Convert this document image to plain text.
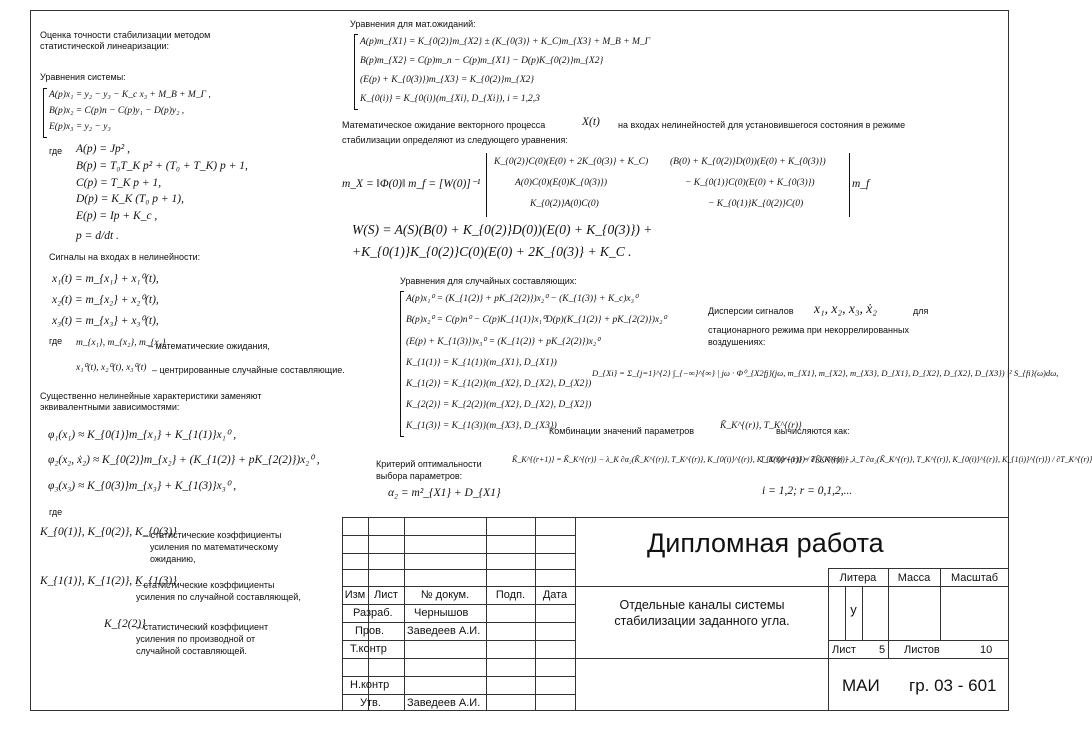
Оценка точности стабилизации методом
статистической линеаризации:
Уравнения системы:
A(p)x₁ = y₂ − y₃ − K_c x₃ + M_B + M_Г ,
B(p)x₂ = C(p)n − C(p)y₁ − D(p)y₂ ,
E(p)x₃ = y₂ − y₃
где A(p) = Jp² ,
B(p) = T₀T_K p² + (T₀ + T_K) p + 1,
C(p) = T_K p + 1,
D(p) = K_K (T₀ p + 1),
E(p) = Ip + K_c ,
p = d/dt .
Сигналы на входах в нелинейности:
x₁(t) = m_{x₁} + x₁⁰(t),
x₂(t) = m_{x₂} + x₂⁰(t),
x₃(t) = m_{x₃} + x₃⁰(t),
где m_{x₁}, m_{x₂}, m_{x₃}
– математические ожидания,
x₁⁰(t), x₂⁰(t), x₃⁰(t) – центрированные случайные составляющие.
Существенно нелинейные характеристики заменяют
эквивалентными зависимостями:
φ₁(x₁) ≈ K_{0(1)}m_{x₁} + K_{1(1)}x₁⁰ ,
φ₂(x₂, ẋ₂) ≈ K_{0(2)}m_{x₂} + (K_{1(2)} + pK_{2(2)})x₂⁰ ,
φ₃(x₃) ≈ K_{0(3)}m_{x₃} + K_{1(3)}x₃⁰ ,
где
K_{0(1)}, K_{0(2)}, K_{0(3)}
– статистические коэффициенты
усиления по математическому
ожиданию,
K_{1(1)}, K_{1(2)}, K_{1(3)}
– статистические коэффициенты
усиления по случайной составляющей,
K_{2(2)}
– статистический коэффициент
усиления по производной от
случайной составляющей.
Уравнения для мат.ожиданий:
A(p)m_{X1} = K_{0(2)}m_{X2} ± (K_{0(3)} + K_C)m_{X3} + M_B + M_Г
B(p)m_{X2} = C(p)m_n − C(p)m_{X1} − D(p)K_{0(2)}m_{X2}
(E(p) + K_{0(3)})m_{X3} = K_{0(2)}m_{X2}
K_{0(i)} = K_{0(i)}(m_{Xi}, D_{Xi}), i = 1,2,3
Математическое ожидание векторного процесса	X(t) на входах нелинейностей для установившегося состояния в режиме
стабилизации определяют из следующего уравнения:
m_X = ‖Φ(0)‖ m_f = [W(0)]⁻¹
K_{0(2)}C(0)(E(0) + 2K_{0(3)} + K_C)
A(0)C(0)(E(0)K_{0(3)})
K_{0(2)}A(0)C(0)
(B(0) + K_{0(2)}D(0))(E(0) + K_{0(3)})
− K_{0(1)}C(0)(E(0) + K_{0(3)})
− K_{0(1)}K_{0(2)}C(0)
m_f
W(S) = A(S)(B(0) + K_{0(2)}D(0))(E(0) + K_{0(3)}) +
+K_{0(1)}K_{0(2)}C(0)(E(0) + 2K_{0(3)} + K_C .
Уравнения для случайных составляющих:
A(p)x₁⁰ = (K_{1(2)} + pK_{2(2)})x₂⁰ − (K_{1(3)} + K_c)x₃⁰
B(p)x₂⁰ = C(p)n⁰ − C(p)K_{1(1)}x₁⁰D(p)(K_{1(2)} + pK_{2(2)})x₂⁰
(E(p) + K_{1(3)})x₃⁰ = (K_{1(2)} + pK_{2(2)})x₂⁰
K_{1(1)} = K_{1(1)}(m_{X1}, D_{X1})
K_{1(2)} = K_{1(2)}(m_{X2}, D_{X2}, D_{X2})
K_{2(2)} = K_{2(2)}(m_{X2}, D_{X2}, D_{X2})
K_{1(3)} = K_{1(3)}(m_{X3}, D_{X3})
Дисперсии сигналов x₁, x₂, x₃, ẋ₂	для
стационарного режима при некоррелированных
воздушениях:
D_{Xi} = Σ_{j=1}^{2} ∫_{−∞}^{∞} | jω · Φ⁰_{X2fj}(jω, m_{X1}, m_{X2}, m_{X3}, D_{X1}, D_{X2}, D_{X2}, D_{X3}) |² S_{fi}(ω)dω,
Комбинации значений параметров	K̃_K^{(r)}, T_K^{(r)}
вычисляются как:
Критерий оптимальности
выбора параметров:
α₂ = m²_{X1} + D_{X1}
K̃_K^{(r+1)} = K̃_K^{(r)} − λ_K ∂α₂(K̃_K^{(r)}, T_K^{(r)}, K_{0(i)}^{(r)}, K_{1(i)}^{(r)}) / ∂K̃_K^{(r)} ,
T_K^{(r+1)} = T_K^{(r)} − λ_T ∂α₂(K̃_K^{(r)}, T_K^{(r)}, K_{0(i)}^{(r)}, K_{1(i)}^{(r)}) / ∂T_K^{(r)}
i = 1,2; r = 0,1,2,...
Дипломная работа
Отдельные каналы системы
стабилизации заданного угла.
Изм Лист	№ докум.	Подп.	Дата
Разраб. Чернышов
Пров. Заведеев А.И.
Т.контр
Н.контр
Утв. Заведеев А.И.
Литера	Масса	Масштаб
у
Лист 5 Листов	10
МАИ гр. 03 - 601
